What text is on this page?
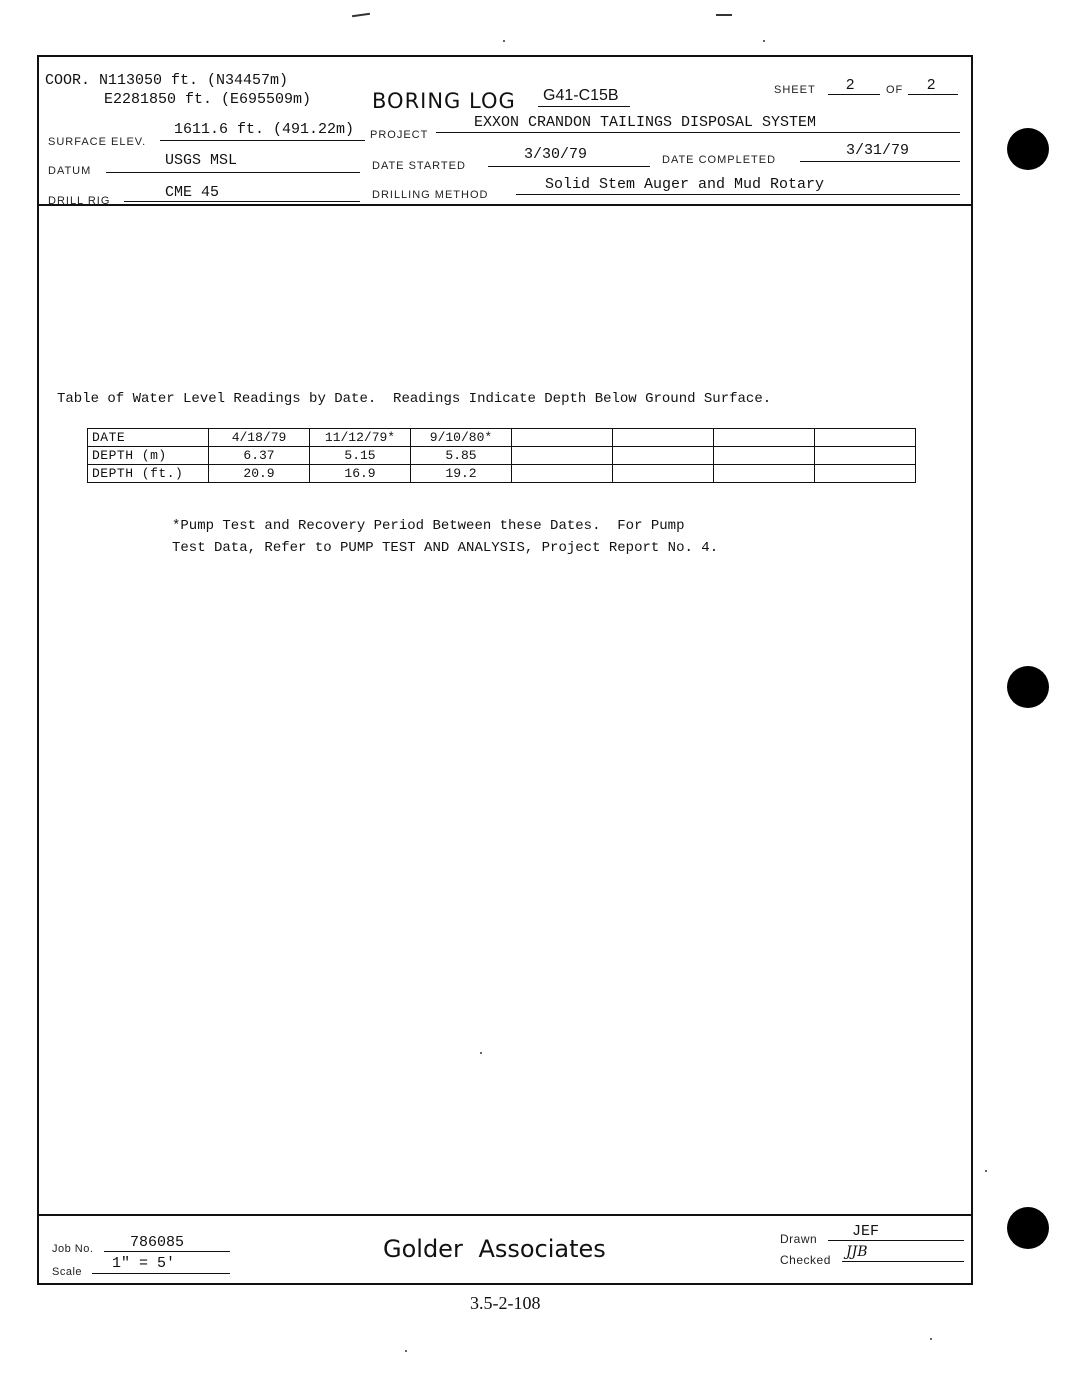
COOR. N113050 ft. (N34457m)
E2281850 ft. (E695509m)	BORING LOG G41-C15B	SHEET 2	OF 2
SURFACE ELEV.
1611.6 ft. (491.22m) PROJECT
EXXON CRANDON TAILINGS DISPOSAL SYSTEM
DATUM
USGS MSL	DATE STARTED
3/30/79	DATE COMPLETED
3/31/79
DRILL RIG	CME 45	DRILLING METHOD
Solid Stem Auger and Mud Rotary
Table of Water Level Readings by Date.  Readings Indicate Depth Below Ground Surface.
DATE	4/18/79	11/12/79*	9/10/80*				
DEPTH (m)	6.37	5.15	5.85				
DEPTH (ft.)	20.9	16.9	19.2				
*Pump Test and Recovery Period Between these Dates.  For Pump
Test Data, Refer to PUMP TEST AND ANALYSIS, Project Report No. 4.
Job No. 786085
Scale 1" = 5'
Golder Associates	Drawn JEF
Checked JJB
3.5-2-108
